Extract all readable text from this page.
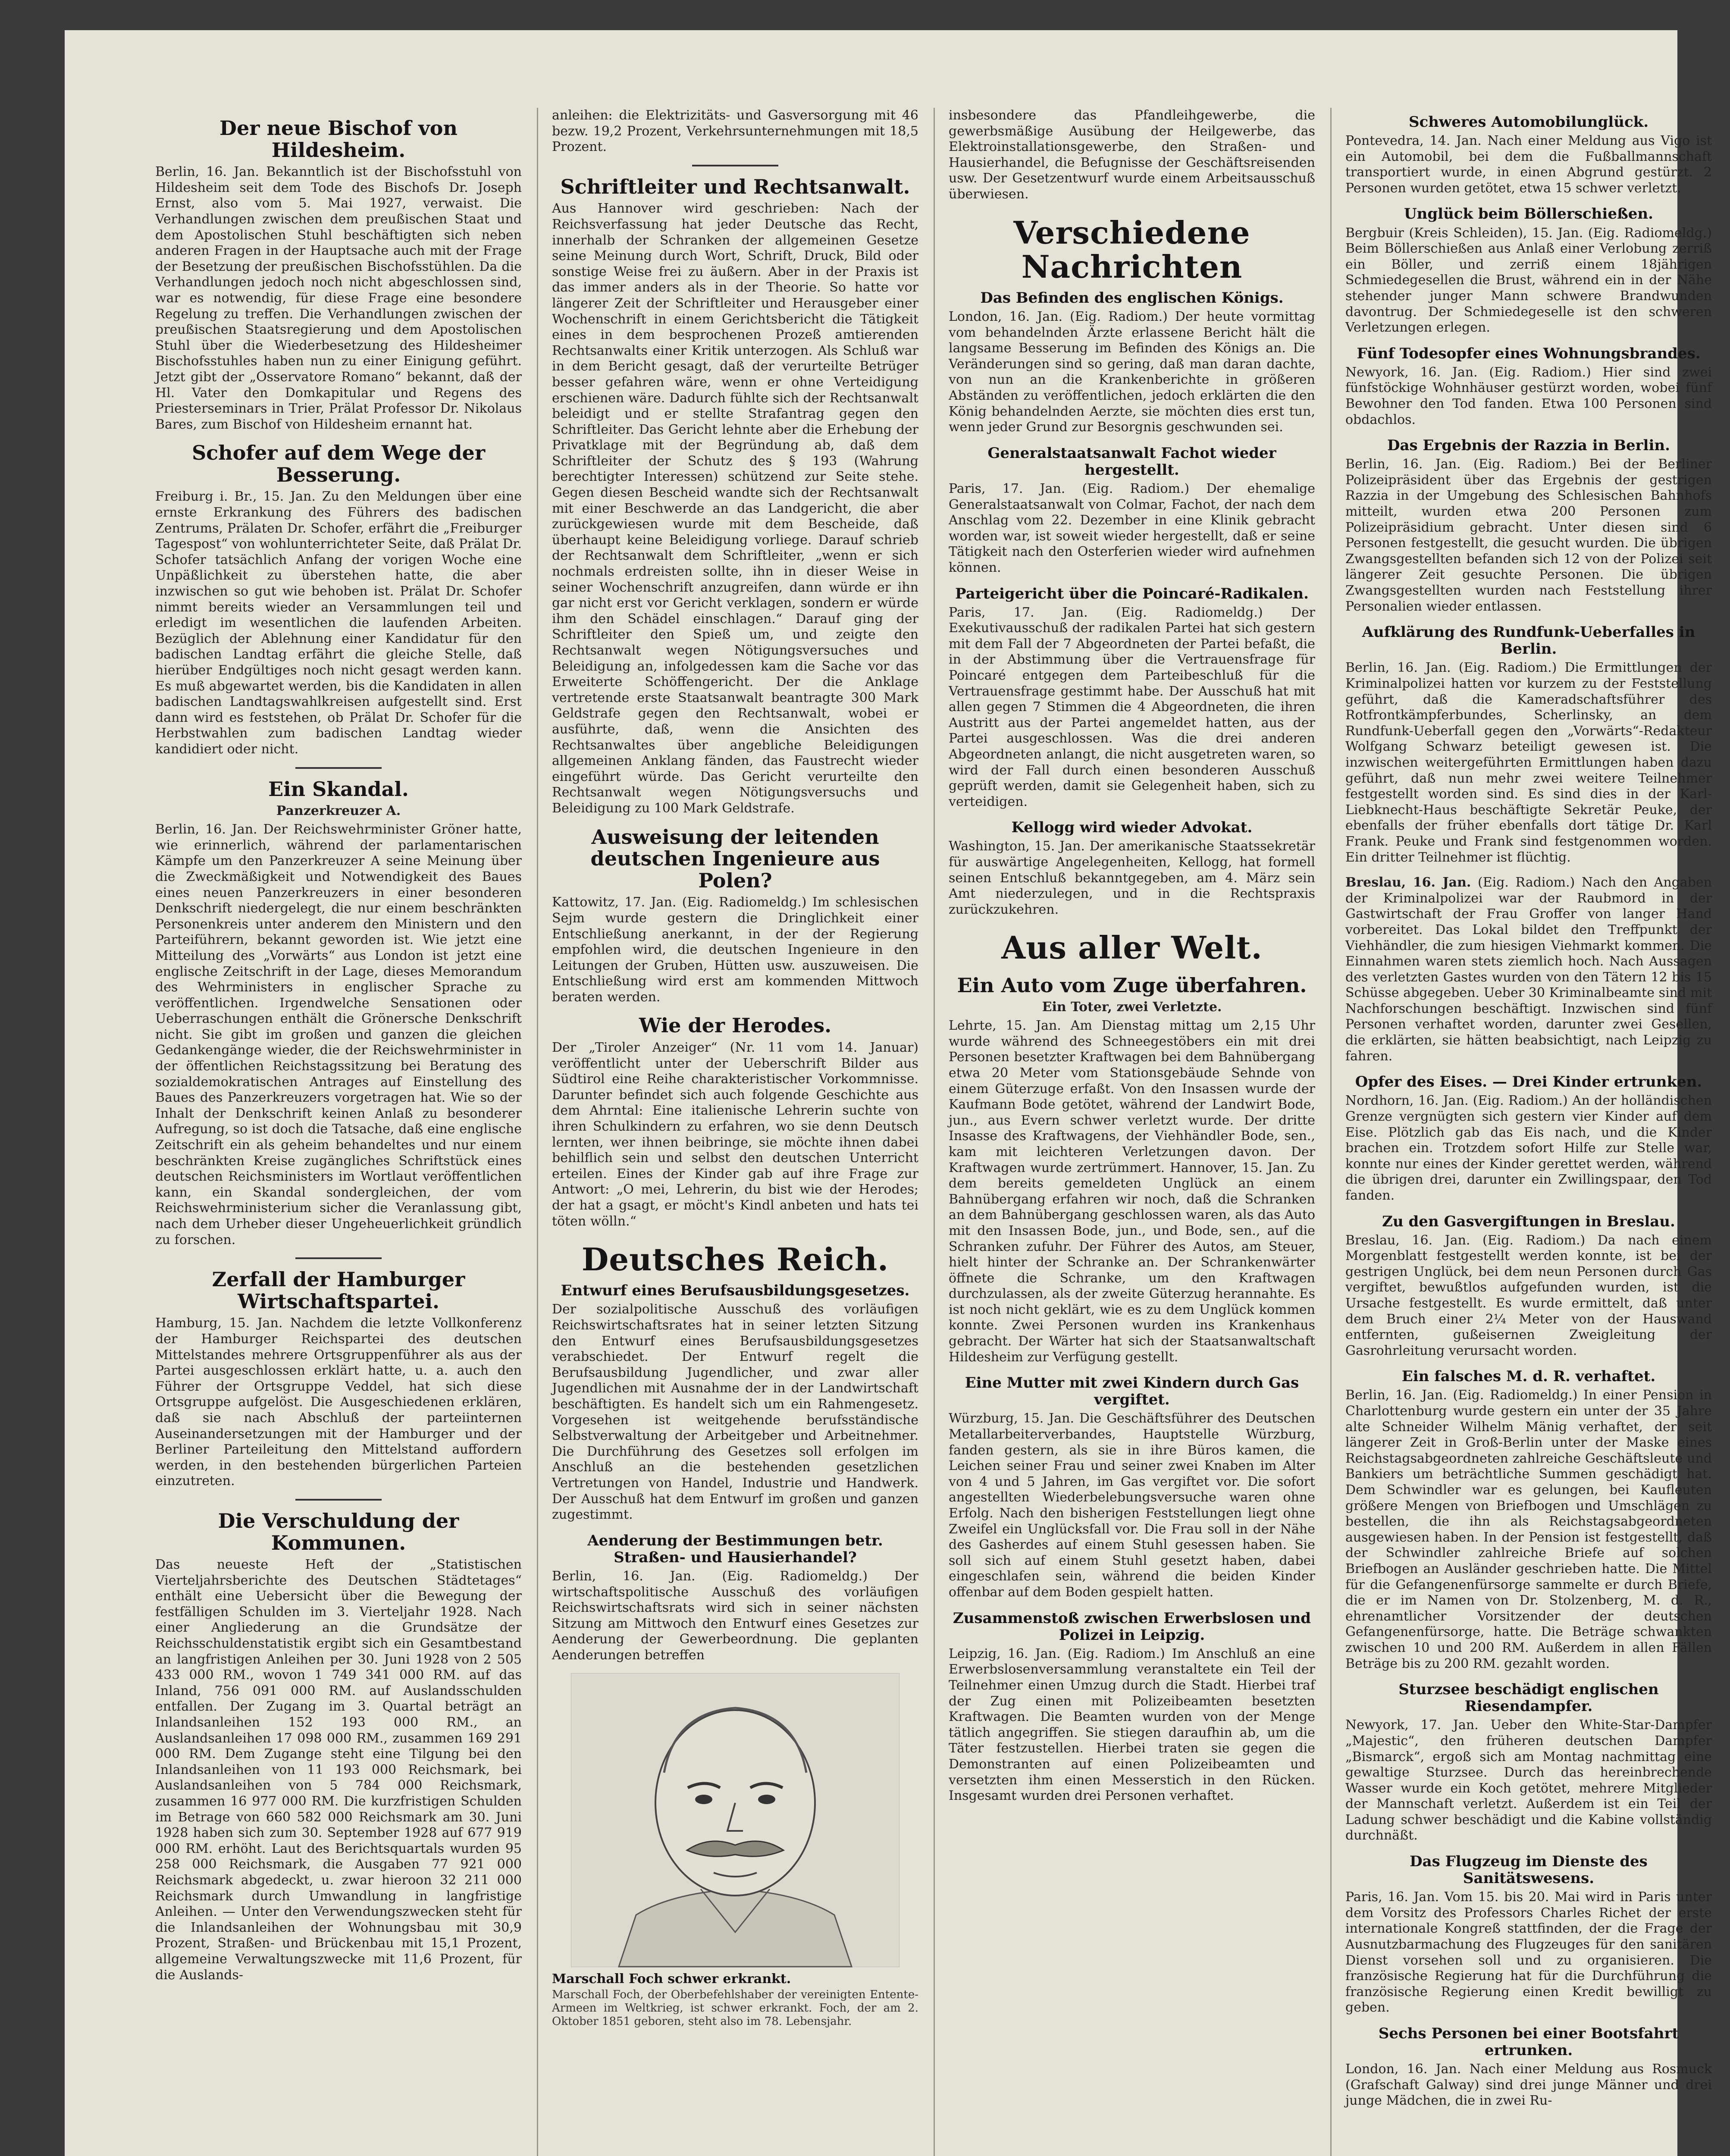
Der neue Bischof von Hildesheim.

Berlin, 16. Jan. Bekanntlich ist der Bischofsstuhl von Hildesheim seit dem Tode des Bischofs Dr. Joseph Ernst, also vom 5. Mai 1927, verwaist. Die Verhandlungen zwischen dem preußischen Staat und dem Apostolischen Stuhl beschäftigten sich neben anderen Fragen in der Hauptsache auch mit der Frage der Besetzung der preußischen Bischofsstühlen. Da die Verhandlungen jedoch noch nicht abgeschlossen sind, war es notwendig, für diese Frage eine besondere Regelung zu treffen. Die Verhandlungen zwischen der preußischen Staatsregierung und dem Apostolischen Stuhl über die Wiederbesetzung des Hildesheimer Bischofsstuhles haben nun zu einer Einigung geführt. Jetzt gibt der „Osservatore Romano“ bekannt, daß der Hl. Vater den Domkapitular und Regens des Priesterseminars in Trier, Prälat Professor Dr. Nikolaus Bares, zum Bischof von Hildesheim ernannt hat.

Schofer auf dem Wege der Besserung.

Freiburg i. Br., 15. Jan. Zu den Meldungen über eine ernste Erkrankung des Führers des badischen Zentrums, Prälaten Dr. Schofer, erfährt die „Freiburger Tagespost“ von wohlunterrichteter Seite, daß Prälat Dr. Schofer tatsächlich Anfang der vorigen Woche eine Unpäßlichkeit zu überstehen hatte, die aber inzwischen so gut wie behoben ist. Prälat Dr. Schofer nimmt bereits wieder an Versammlungen teil und erledigt im wesentlichen die laufenden Arbeiten. Bezüglich der Ablehnung einer Kandidatur für den badischen Landtag erfährt die gleiche Stelle, daß hierüber Endgültiges noch nicht gesagt werden kann. Es muß abgewartet werden, bis die Kandidaten in allen badischen Landtagswahlkreisen aufgestellt sind. Erst dann wird es feststehen, ob Prälat Dr. Schofer für die Herbstwahlen zum badischen Landtag wieder kandidiert oder nicht.

Ein Skandal.
Panzerkreuzer A.

Berlin, 16. Jan. Der Reichswehrminister Gröner hatte, wie erinnerlich, während der parlamentarischen Kämpfe um den Panzerkreuzer A seine Meinung über die Zweckmäßigkeit und Notwendigkeit des Baues eines neuen Panzerkreuzers in einer besonderen Denkschrift niedergelegt, die nur einem beschränkten Personenkreis unter anderem den Ministern und den Parteiführern, bekannt geworden ist. Wie jetzt eine Mitteilung des „Vorwärts“ aus London ist jetzt eine englische Zeitschrift in der Lage, dieses Memorandum des Wehrministers in englischer Sprache zu veröffentlichen. Irgendwelche Sensationen oder Ueberraschungen enthält die Grönersche Denkschrift nicht. Sie gibt im großen und ganzen die gleichen Gedankengänge wieder, die der Reichswehrminister in der öffentlichen Reichstagssitzung bei Beratung des sozialdemokratischen Antrages auf Einstellung des Baues des Panzerkreuzers vorgetragen hat. Wie so der Inhalt der Denkschrift keinen Anlaß zu besonderer Aufregung, so ist doch die Tatsache, daß eine englische Zeitschrift ein als geheim behandeltes und nur einem beschränkten Kreise zugängliches Schriftstück eines deutschen Reichsministers im Wortlaut veröffentlichen kann, ein Skandal sondergleichen, der vom Reichswehrministerium sicher die Veranlassung gibt, nach dem Urheber dieser Ungeheuerlichkeit gründlich zu forschen.

Zerfall der Hamburger Wirtschaftspartei.

Hamburg, 15. Jan. Nachdem die letzte Vollkonferenz der Hamburger Reichspartei des deutschen Mittelstandes mehrere Ortsgruppenführer als aus der Partei ausgeschlossen erklärt hatte, u. a. auch den Führer der Ortsgruppe Veddel, hat sich diese Ortsgruppe aufgelöst. Die Ausgeschiedenen erklären, daß sie nach Abschluß der parteiinternen Auseinandersetzungen mit der Hamburger und der Berliner Parteileitung den Mittelstand auffordern werden, in den bestehenden bürgerlichen Parteien einzutreten.

Die Verschuldung der Kommunen.

Das neueste Heft der „Statistischen Vierteljahrsberichte des Deutschen Städtetages“ enthält eine Uebersicht über die Bewegung der festfälligen Schulden im 3. Vierteljahr 1928. Nach einer Angliederung an die Grundsätze der Reichsschuldenstatistik ergibt sich ein Gesamtbestand an langfristigen Anleihen per 30. Juni 1928 von 2 505 433 000 RM., wovon 1 749 341 000 RM. auf das Inland, 756 091 000 RM. auf Auslandsschulden entfallen. Der Zugang im 3. Quartal beträgt an Inlandsanleihen 152 193 000 RM., an Auslandsanleihen 17 098 000 RM., zusammen 169 291 000 RM. Dem Zugange steht eine Tilgung bei den Inlandsanleihen von 11 193 000 Reichsmark, bei Auslandsanleihen von 5 784 000 Reichsmark, zusammen 16 977 000 RM. Die kurzfristigen Schulden im Betrage von 660 582 000 Reichsmark am 30. Juni 1928 haben sich zum 30. September 1928 auf 677 919 000 RM. erhöht. Laut des Berichtsquartals wurden 95 258 000 Reichsmark, die Ausgaben 77 921 000 Reichsmark abgedeckt, u. zwar hieroon 32 211 000 Reichsmark durch Umwandlung in langfristige Anleihen. — Unter den Verwendungszwecken steht für die Inlandsanleihen der Wohnungsbau mit 30,9 Prozent, Straßen- und Brückenbau mit 15,1 Prozent, allgemeine Verwaltungszwecke mit 11,6 Prozent, für die Auslands-

anleihen: die Elektrizitäts- und Gasversorgung mit 46 bezw. 19,2 Prozent, Verkehrsunternehmungen mit 18,5 Prozent.

Schriftleiter und Rechtsanwalt.

Aus Hannover wird geschrieben: Nach der Reichsverfassung hat jeder Deutsche das Recht, innerhalb der Schranken der allgemeinen Gesetze seine Meinung durch Wort, Schrift, Druck, Bild oder sonstige Weise frei zu äußern. Aber in der Praxis ist das immer anders als in der Theorie. So hatte vor längerer Zeit der Schriftleiter und Herausgeber einer Wochenschrift in einem Gerichtsbericht die Tätigkeit eines in dem besprochenen Prozeß amtierenden Rechtsanwalts einer Kritik unterzogen. Als Schluß war in dem Bericht gesagt, daß der verurteilte Betrüger besser gefahren wäre, wenn er ohne Verteidigung erschienen wäre. Dadurch fühlte sich der Rechtsanwalt beleidigt und er stellte Strafantrag gegen den Schriftleiter. Das Gericht lehnte aber die Erhebung der Privatklage mit der Begründung ab, daß dem Schriftleiter der Schutz des § 193 (Wahrung berechtigter Interessen) schützend zur Seite stehe. Gegen diesen Bescheid wandte sich der Rechtsanwalt mit einer Beschwerde an das Landgericht, die aber zurückgewiesen wurde mit dem Bescheide, daß überhaupt keine Beleidigung vorliege. Darauf schrieb der Rechtsanwalt dem Schriftleiter, „wenn er sich nochmals erdreisten sollte, ihn in dieser Weise in seiner Wochenschrift anzugreifen, dann würde er ihn gar nicht erst vor Gericht verklagen, sondern er würde ihm den Schädel einschlagen.“ Darauf ging der Schriftleiter den Spieß um, und zeigte den Rechtsanwalt wegen Nötigungsversuches und Beleidigung an, infolgedessen kam die Sache vor das Erweiterte Schöffengericht. Der die Anklage vertretende erste Staatsanwalt beantragte 300 Mark Geldstrafe gegen den Rechtsanwalt, wobei er ausführte, daß, wenn die Ansichten des Rechtsanwaltes über angebliche Beleidigungen allgemeinen Anklang fänden, das Faustrecht wieder eingeführt würde. Das Gericht verurteilte den Rechtsanwalt wegen Nötigungsversuchs und Beleidigung zu 100 Mark Geldstrafe.

Ausweisung der leitenden deutschen Ingenieure aus Polen?

Kattowitz, 17. Jan. (Eig. Radiomeldg.) Im schlesischen Sejm wurde gestern die Dringlichkeit einer Entschließung anerkannt, in der der Regierung empfohlen wird, die deutschen Ingenieure in den Leitungen der Gruben, Hütten usw. auszuweisen. Die Entschließung wird erst am kommenden Mittwoch beraten werden.

Wie der Herodes.

Der „Tiroler Anzeiger“ (Nr. 11 vom 14. Januar) veröffentlicht unter der Ueberschrift Bilder aus Südtirol eine Reihe charakteristischer Vorkommnisse. Darunter befindet sich auch folgende Geschichte aus dem Ahrntal: Eine italienische Lehrerin suchte von ihren Schulkindern zu erfahren, wo sie denn Deutsch lernten, wer ihnen beibringe, sie möchte ihnen dabei behilflich sein und selbst den deutschen Unterricht erteilen. Eines der Kinder gab auf ihre Frage zur Antwort: „O mei, Lehrerin, du bist wie der Herodes; der hat a gsagt, er möcht's Kindl anbeten und hats tei töten wölln.“

Deutsches Reich.
Entwurf eines Berufsausbildungsgesetzes.

Der sozialpolitische Ausschuß des vorläufigen Reichswirtschaftsrates hat in seiner letzten Sitzung den Entwurf eines Berufsausbildungsgesetzes verabschiedet. Der Entwurf regelt die Berufsausbildung Jugendlicher, und zwar aller Jugendlichen mit Ausnahme der in der Landwirtschaft beschäftigten. Es handelt sich um ein Rahmengesetz. Vorgesehen ist weitgehende berufsständische Selbstverwaltung der Arbeitgeber und Arbeitnehmer. Die Durchführung des Gesetzes soll erfolgen im Anschluß an die bestehenden gesetzlichen Vertretungen von Handel, Industrie und Handwerk. Der Ausschuß hat dem Entwurf im großen und ganzen zugestimmt.

Aenderung der Bestimmungen betr. Straßen- und Hausierhandel?

Berlin, 16. Jan. (Eig. Radiomeldg.) Der wirtschaftspolitische Ausschuß des vorläufigen Reichswirtschaftsrats wird sich in seiner nächsten Sitzung am Mittwoch den Entwurf eines Gesetzes zur Aenderung der Gewerbeordnung. Die geplanten Aenderungen betreffen

Marschall Foch schwer erkrankt.

Marschall Foch, der Oberbefehlshaber der vereinigten Entente-Armeen im Weltkrieg, ist schwer erkrankt. Foch, der am 2. Oktober 1851 geboren, steht also im 78. Lebensjahr.

insbesondere das Pfandleihgewerbe, die gewerbsmäßige Ausübung der Heilgewerbe, das Elektroinstallationsgewerbe, den Straßen- und Hausierhandel, die Befugnisse der Geschäftsreisenden usw. Der Gesetzentwurf wurde einem Arbeitsausschuß überwiesen.

Verschiedene Nachrichten
Das Befinden des englischen Königs.

London, 16. Jan. (Eig. Radiom.) Der heute vormittag vom behandelnden Ärzte erlassene Bericht hält die langsame Besserung im Befinden des Königs an. Die Veränderungen sind so gering, daß man daran dachte, von nun an die Krankenberichte in größeren Abständen zu veröffentlichen, jedoch erklärten die den König behandelnden Aerzte, sie möchten dies erst tun, wenn jeder Grund zur Besorgnis geschwunden sei.

Generalstaatsanwalt Fachot wieder hergestellt.

Paris, 17. Jan. (Eig. Radiom.) Der ehemalige Generalstaatsanwalt von Colmar, Fachot, der nach dem Anschlag vom 22. Dezember in eine Klinik gebracht worden war, ist soweit wieder hergestellt, daß er seine Tätigkeit nach den Osterferien wieder wird aufnehmen können.

Parteigericht über die Poincaré-Radikalen.

Paris, 17. Jan. (Eig. Radiomeldg.) Der Exekutivausschuß der radikalen Partei hat sich gestern mit dem Fall der 7 Abgeordneten der Partei befaßt, die in der Abstimmung über die Vertrauensfrage für Poincaré entgegen dem Parteibeschluß für die Vertrauensfrage gestimmt habe. Der Ausschuß hat mit allen gegen 7 Stimmen die 4 Abgeordneten, die ihren Austritt aus der Partei angemeldet hatten, aus der Partei ausgeschlossen. Was die drei anderen Abgeordneten anlangt, die nicht ausgetreten waren, so wird der Fall durch einen besonderen Ausschuß geprüft werden, damit sie Gelegenheit haben, sich zu verteidigen.

Kellogg wird wieder Advokat.

Washington, 15. Jan. Der amerikanische Staatssekretär für auswärtige Angelegenheiten, Kellogg, hat formell seinen Entschluß bekanntgegeben, am 4. März sein Amt niederzulegen, und in die Rechtspraxis zurückzukehren.

Aus aller Welt.
Ein Auto vom Zuge überfahren.
Ein Toter, zwei Verletzte.

Lehrte, 15. Jan. Am Dienstag mittag um 2,15 Uhr wurde während des Schneegestöbers ein mit drei Personen besetzter Kraftwagen bei dem Bahnübergang etwa 20 Meter vom Stationsgebäude Sehnde von einem Güterzuge erfaßt. Von den Insassen wurde der Kaufmann Bode getötet, während der Landwirt Bode, jun., aus Evern schwer verletzt wurde. Der dritte Insasse des Kraftwagens, der Viehhändler Bode, sen., kam mit leichteren Verletzungen davon. Der Kraftwagen wurde zertrümmert. Hannover, 15. Jan. Zu dem bereits gemeldeten Unglück an einem Bahnübergang erfahren wir noch, daß die Schranken an dem Bahnübergang geschlossen waren, als das Auto mit den Insassen Bode, jun., und Bode, sen., auf die Schranken zufuhr. Der Führer des Autos, am Steuer, hielt hinter der Schranke an. Der Schrankenwärter öffnete die Schranke, um den Kraftwagen durchzulassen, als der zweite Güterzug herannahte. Es ist noch nicht geklärt, wie es zu dem Unglück kommen konnte. Zwei Personen wurden ins Krankenhaus gebracht. Der Wärter hat sich der Staatsanwaltschaft Hildesheim zur Verfügung gestellt.

Eine Mutter mit zwei Kindern durch Gas vergiftet.

Würzburg, 15. Jan. Die Geschäftsführer des Deutschen Metallarbeiterverbandes, Hauptstelle Würzburg, fanden gestern, als sie in ihre Büros kamen, die Leichen seiner Frau und seiner zwei Knaben im Alter von 4 und 5 Jahren, im Gas vergiftet vor. Die sofort angestellten Wiederbelebungsversuche waren ohne Erfolg. Nach den bisherigen Feststellungen liegt ohne Zweifel ein Unglücksfall vor. Die Frau soll in der Nähe des Gasherdes auf einem Stuhl gesessen haben. Sie soll sich auf einem Stuhl gesetzt haben, dabei eingeschlafen sein, während die beiden Kinder offenbar auf dem Boden gespielt hatten.

Zusammenstoß zwischen Erwerbslosen und Polizei in Leipzig.

Leipzig, 16. Jan. (Eig. Radiom.) Im Anschluß an eine Erwerbslosenversammlung veranstaltete ein Teil der Teilnehmer einen Umzug durch die Stadt. Hierbei traf der Zug einen mit Polizeibeamten besetzten Kraftwagen. Die Beamten wurden von der Menge tätlich angegriffen. Sie stiegen daraufhin ab, um die Täter festzustellen. Hierbei traten sie gegen die Demonstranten auf einen Polizeibeamten und versetzten ihm einen Messerstich in den Rücken. Insgesamt wurden drei Personen verhaftet.

Schweres Automobilunglück.

Pontevedra, 14. Jan. Nach einer Meldung aus Vigo ist ein Automobil, bei dem die Fußballmannschaft transportiert wurde, in einen Abgrund gestürzt. 2 Personen wurden getötet, etwa 15 schwer verletzt.

Unglück beim Böllerschießen.

Bergbuir (Kreis Schleiden), 15. Jan. (Eig. Radiomeldg.) Beim Böllerschießen aus Anlaß einer Verlobung zerriß ein Böller, und zerriß einem 18jährigen Schmiedegesellen die Brust, während ein in der Nähe stehender junger Mann schwere Brandwunden davontrug. Der Schmiedegeselle ist den schweren Verletzungen erlegen.

Fünf Todesopfer eines Wohnungsbrandes.

Newyork, 16. Jan. (Eig. Radiom.) Hier sind zwei fünfstöckige Wohnhäuser gestürzt worden, wobei fünf Bewohner den Tod fanden. Etwa 100 Personen sind obdachlos.

Das Ergebnis der Razzia in Berlin.

Berlin, 16. Jan. (Eig. Radiom.) Bei der Berliner Polizeipräsident über das Ergebnis der gestrigen Razzia in der Umgebung des Schlesischen Bahnhofs mitteilt, wurden etwa 200 Personen zum Polizeipräsidium gebracht. Unter diesen sind 6 Personen festgestellt, die gesucht wurden. Die übrigen Zwangsgestellten befanden sich 12 von der Polizei seit längerer Zeit gesuchte Personen. Die übrigen Zwangsgestellten wurden nach Feststellung ihrer Personalien wieder entlassen.

Aufklärung des Rundfunk-Ueberfalles in Berlin.

Berlin, 16. Jan. (Eig. Radiom.) Die Ermittlungen der Kriminalpolizei hatten vor kurzem zu der Feststellung geführt, daß die Kameradschaftsführer des Rotfrontkämpferbundes, Scherlinsky, an dem Rundfunk-Ueberfall gegen den „Vorwärts“-Redakteur Wolfgang Schwarz beteiligt gewesen ist. Die inzwischen weitergeführten Ermittlungen haben dazu geführt, daß nun mehr zwei weitere Teilnehmer festgestellt worden sind. Es sind dies in der Karl-Liebknecht-Haus beschäftigte Sekretär Peuke, der ebenfalls der früher ebenfalls dort tätige Dr. Karl Frank. Peuke und Frank sind festgenommen worden. Ein dritter Teilnehmer ist flüchtig.

Breslau, 16. Jan. (Eig. Radiom.) Nach den Angaben der Kriminalpolizei war der Raubmord in der Gastwirtschaft der Frau Groffer von langer Hand vorbereitet. Das Lokal bildet den Treffpunkt der Viehhändler, die zum hiesigen Viehmarkt kommen. Die Einnahmen waren stets ziemlich hoch. Nach Aussagen des verletzten Gastes wurden von den Tätern 12 bis 15 Schüsse abgegeben. Ueber 30 Kriminalbeamte sind mit Nachforschungen beschäftigt. Inzwischen sind fünf Personen verhaftet worden, darunter zwei Gesellen, die erklärten, sie hätten beabsichtigt, nach Leipzig zu fahren.

Opfer des Eises. — Drei Kinder ertrunken.

Nordhorn, 16. Jan. (Eig. Radiom.) An der holländischen Grenze vergnügten sich gestern vier Kinder auf dem Eise. Plötzlich gab das Eis nach, und die Kinder brachen ein. Trotzdem sofort Hilfe zur Stelle war, konnte nur eines der Kinder gerettet werden, während die übrigen drei, darunter ein Zwillingspaar, den Tod fanden.

Zu den Gasvergiftungen in Breslau.

Breslau, 16. Jan. (Eig. Radiom.) Da nach einem Morgenblatt festgestellt werden konnte, ist bei der gestrigen Unglück, bei dem neun Personen durch Gas vergiftet, bewußtlos aufgefunden wurden, ist die Ursache festgestellt. Es wurde ermittelt, daß unter dem Bruch einer 2¼ Meter von der Hauswand entfernten, gußeisernen Zweigleitung der Gasrohrleitung verursacht worden.

Ein falsches M. d. R. verhaftet.

Berlin, 16. Jan. (Eig. Radiomeldg.) In einer Pension in Charlottenburg wurde gestern ein unter der 35 Jahre alte Schneider Wilhelm Mänig verhaftet, der seit längerer Zeit in Groß-Berlin unter der Maske eines Reichstagsabgeordneten zahlreiche Geschäftsleute und Bankiers um beträchtliche Summen geschädigt hat. Dem Schwindler war es gelungen, bei Kaufleuten größere Mengen von Briefbogen und Umschlägen zu bestellen, die ihn als Reichstagsabgeordneten ausgewiesen haben. In der Pension ist festgestellt, daß der Schwindler zahlreiche Briefe auf solchen Briefbogen an Ausländer geschrieben hatte. Die Mittel für die Gefangenenfürsorge sammelte er durch Briefe, die er im Namen von Dr. Stolzenberg, M. d. R., ehrenamtlicher Vorsitzender der deutschen Gefangenenfürsorge, hatte. Die Beträge schwankten zwischen 10 und 200 RM. Außerdem in allen Fällen Beträge bis zu 200 RM. gezahlt worden.

Sturzsee beschädigt englischen Riesendampfer.

Newyork, 17. Jan. Ueber den White-Star-Dampfer „Majestic“, den früheren deutschen Dampfer „Bismarck“, ergoß sich am Montag nachmittag eine gewaltige Sturzsee. Durch das hereinbrechende Wasser wurde ein Koch getötet, mehrere Mitglieder der Mannschaft verletzt. Außerdem ist ein Teil der Ladung schwer beschädigt und die Kabine vollständig durchnäßt.

Das Flugzeug im Dienste des Sanitätswesens.

Paris, 16. Jan. Vom 15. bis 20. Mai wird in Paris unter dem Vorsitz des Professors Charles Richet der erste internationale Kongreß stattfinden, der die Frage der Ausnutzbarmachung des Flugzeuges für den sanitären Dienst vorsehen soll und zu organisieren. Die französische Regierung hat für die Durchführung die französische Regierung einen Kredit bewilligt zu geben.

Sechs Personen bei einer Bootsfahrt ertrunken.

London, 16. Jan. Nach einer Meldung aus Rosmuck (Grafschaft Galway) sind drei junge Männer und drei junge Mädchen, die in zwei Ru-
